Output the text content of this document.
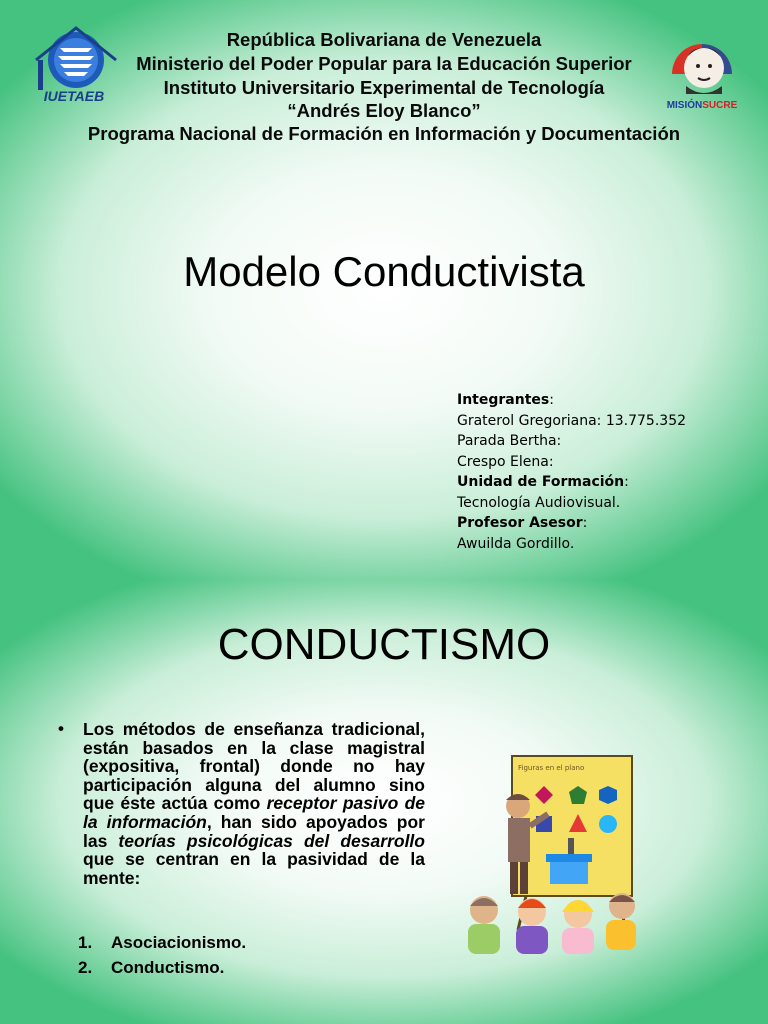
IUETAEB
MISIÓNSUCRE
República Bolivariana de Venezuela
Ministerio del Poder Popular para la Educación Superior
Instituto Universitario Experimental de Tecnología
“Andrés Eloy Blanco”
Programa Nacional de Formación en Información y Documentación
Modelo Conductivista
Integrantes:
Graterol Gregoriana: 13.775.352
Parada Bertha:
Crespo Elena:
Unidad de Formación:
Tecnología Audiovisual.
Profesor Asesor:
Awuilda Gordillo.
CONDUCTISMO
• Los métodos de enseñanza tradicional, están basados en la clase magistral (expositiva, frontal) donde no hay participación alguna del alumno sino que éste actúa como receptor pasivo de la información, han sido apoyados por las teorías psicológicas del desarrollo que se centran en la pasividad de la mente:
1. Asociacionismo.
2. Conductismo.
Figuras en el plano
